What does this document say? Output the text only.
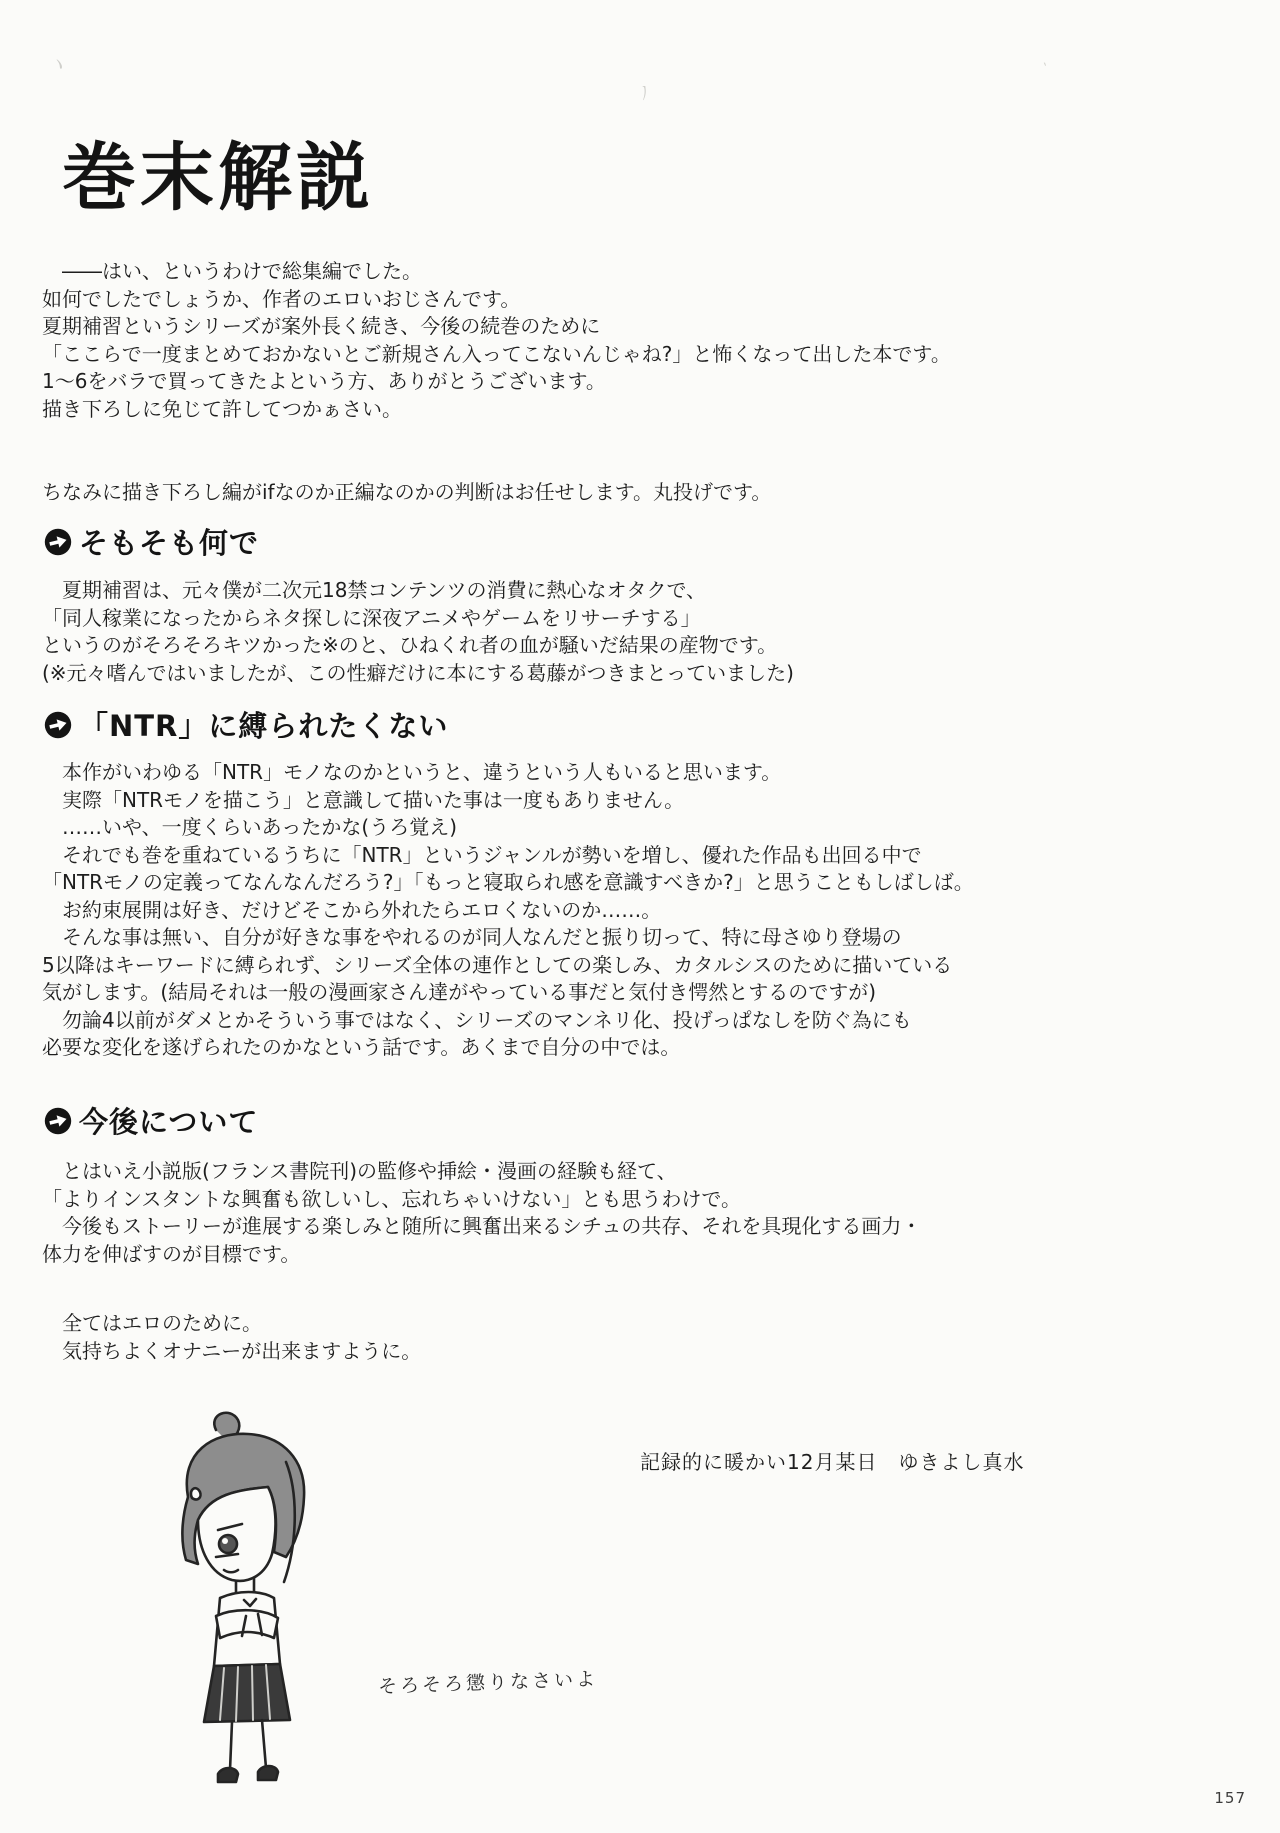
ヽ
ノ
`
巻末解説

　――はい、というわけで総集編でした。

如何でしたでしょうか、作者のエロいおじさんです。

夏期補習というシリーズが案外長く続き、今後の続巻のために

「ここらで一度まとめておかないとご新規さん入ってこないんじゃね?」と怖くなって出した本です。

1〜6をバラで買ってきたよという方、ありがとうございます。

描き下ろしに免じて許してつかぁさい。

ちなみに描き下ろし編がifなのか正編なのかの判断はお任せします。丸投げです。

そもそも何で

　夏期補習は、元々僕が二次元18禁コンテンツの消費に熱心なオタクで、

「同人稼業になったからネタ探しに深夜アニメやゲームをリサーチする」

というのがそろそろキツかった※のと、ひねくれ者の血が騒いだ結果の産物です。

(※元々嗜んではいましたが、この性癖だけに本にする葛藤がつきまとっていました)

「NTR」に縛られたくない

　本作がいわゆる「NTR」モノなのかというと、違うという人もいると思います。

　実際「NTRモノを描こう」と意識して描いた事は一度もありません。

　……いや、一度くらいあったかな(うろ覚え)

　それでも巻を重ねているうちに「NTR」というジャンルが勢いを増し、優れた作品も出回る中で

「NTRモノの定義ってなんなんだろう?」「もっと寝取られ感を意識すべきか?」と思うこともしばしば。

　お約束展開は好き、だけどそこから外れたらエロくないのか……。

　そんな事は無い、自分が好きな事をやれるのが同人なんだと振り切って、特に母さゆり登場の

5以降はキーワードに縛られず、シリーズ全体の連作としての楽しみ、カタルシスのために描いている

気がします。(結局それは一般の漫画家さん達がやっている事だと気付き愕然とするのですが)

　勿論4以前がダメとかそういう事ではなく、シリーズのマンネリ化、投げっぱなしを防ぐ為にも

必要な変化を遂げられたのかなという話です。あくまで自分の中では。

今後について

　とはいえ小説版(フランス書院刊)の監修や挿絵・漫画の経験も経て、

「よりインスタントな興奮も欲しいし、忘れちゃいけない」とも思うわけで。

　今後もストーリーが進展する楽しみと随所に興奮出来るシチュの共存、それを具現化する画力・

体力を伸ばすのが目標です。

　全てはエロのために。

　気持ちよくオナニーが出来ますように。

記録的に暖かい12月某日　ゆきよし真水

そろそろ懲りなさいよ

157
